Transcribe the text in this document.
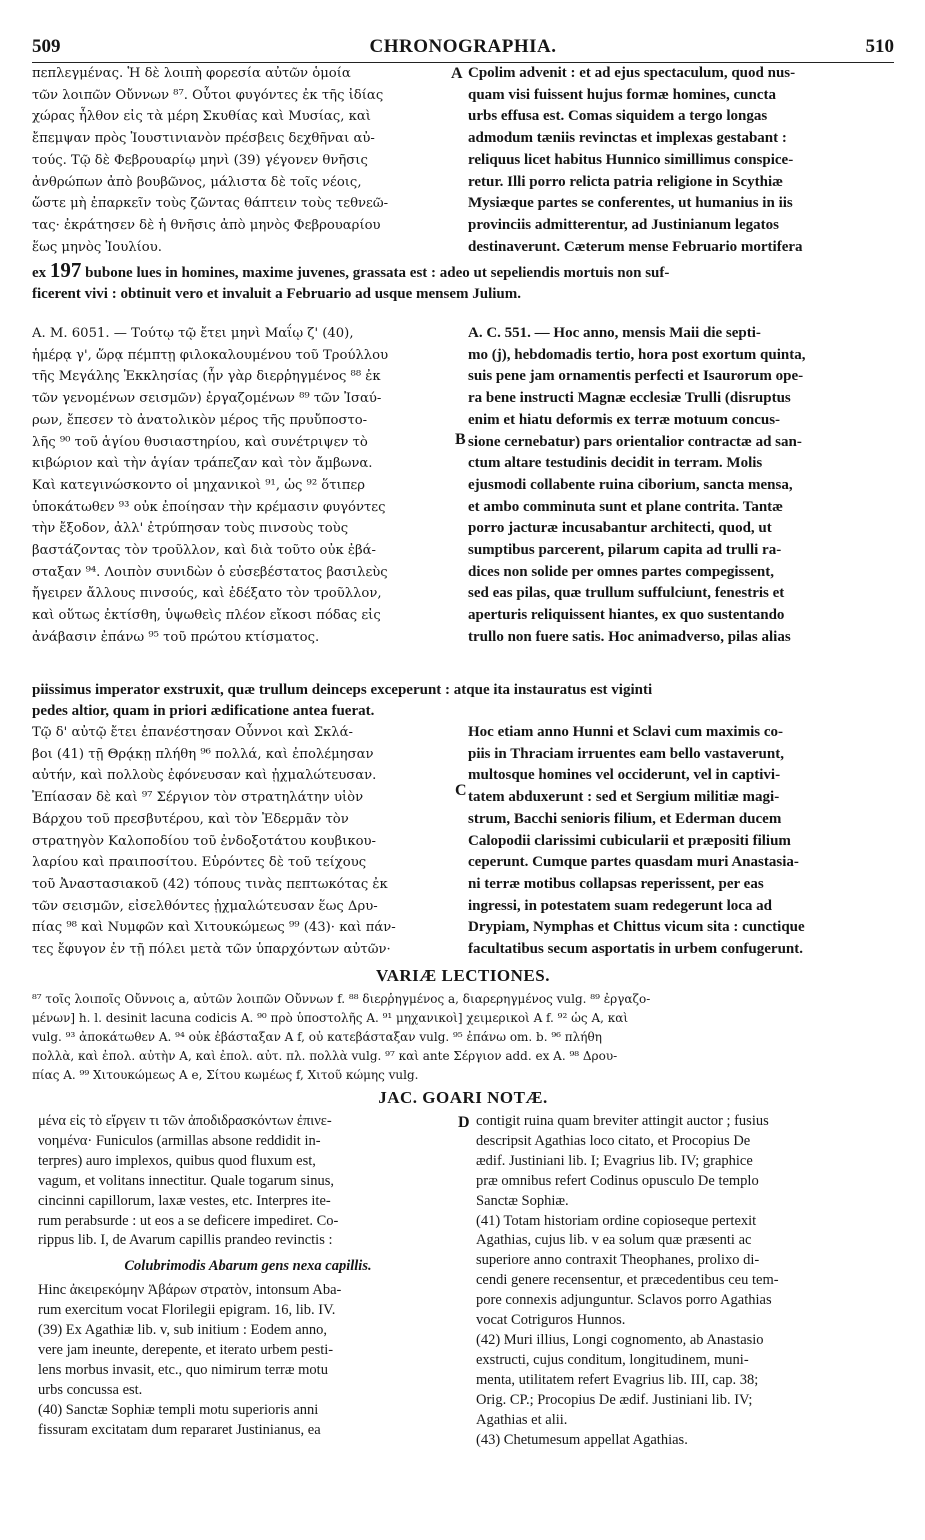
509	CHRONOGRAPHIA.	510
πεπλεγμένας. Ἡ δὲ λοιπὴ φορεσία αὐτῶν ὁμοία
τῶν λοιπῶν Οὔννων ⁸⁷. Οὗτοι φυγόντες ἐκ τῆς ἰδίας
χώρας ἦλθον εἰς τὰ μέρη Σκυθίας καὶ Μυσίας, καὶ
ἔπεμψαν πρὸς Ἰουστινιανὸν πρέσβεις δεχθῆναι αὐ-
τούς. Τῷ δὲ Φεβρουαρίῳ μηνὶ (39) γέγονεν θνῆσις
ἀνθρώπων ἀπὸ βουβῶνος, μάλιστα δὲ τοῖς νέοις,
ὥστε μὴ ἐπαρκεῖν τοὺς ζῶντας θάπτειν τοὺς τεθνεῶ-
τας· ἐκράτησεν δὲ ἡ θνῆσις ἀπὸ μηνὸς Φεβρουαρίου
ἕως μηνὸς Ἰουλίου.
A Cpolim advenit : et ad ejus spectaculum, quod nus-
quam visi fuissent hujus formæ homines, cuncta
urbs effusa est. Comas siquidem a tergo longas
admodum tæniis revinctas et implexas gestabant :
reliquus licet habitus Hunnico simillimus conspice-
retur. Illi porro relicta patria religione in Scythiæ
Mysiæque partes se conferentes, ut humanius in iis
provinciis admitterentur, ad Justinianum legatos
destinaverunt. Cæterum mense Februario mortifera
ex 197 bubone lues in homines, maxime juvenes, grassata est : adeo ut sepeliendis mortuis non suf-
ficerent vivi : obtinuit vero et invaluit a Februario ad usque mensem Julium.
A. M. 6051. — Τούτῳ τῷ ἔτει μηνὶ Μαΐῳ ζ' (40),
ἡμέρᾳ γ', ὥρᾳ πέμπτῃ φιλοκαλουμένου τοῦ Τρούλλου
τῆς Μεγάλης Ἐκκλησίας (ἦν γὰρ διερῥηγμένος ⁸⁸ ἐκ
τῶν γενομένων σεισμῶν) ἐργαζομένων ⁸⁹ τῶν Ἰσαύ-
ρων, ἔπεσεν τὸ ἀνατολικὸν μέρος τῆς πρυὔποστο-
λῆς ⁹⁰ τοῦ ἁγίου θυσιαστηρίου, καὶ συνέτριψεν τὸ
κιβώριον καὶ τὴν ἁγίαν τράπεζαν καὶ τὸν ἄμβωνα.
Καὶ κατεγινώσκοντο οἱ μηχανικοὶ ⁹¹, ὡς ⁹² ὅτιπερ
ὑποκάτωθεν ⁹³ οὐκ ἐποίησαν τὴν κρέμασιν φυγόντες
τὴν ἔξοδον, ἀλλ' ἐτρύπησαν τοὺς πινσοὺς τοὺς
βαστάζοντας τὸν τροῦλλον, καὶ διὰ τοῦτο οὐκ ἐβά-
σταξαν ⁹⁴. Λοιπὸν συνιδὼν ὁ εὐσεβέστατος βασιλεὺς
ἤγειρεν ἄλλους πινσούς, καὶ ἐδέξατο τὸν τροῦλλον,
καὶ οὕτως ἐκτίσθη, ὑψωθεὶς πλέον εἴκοσι πόδας εἰς
ἀνάβασιν ἐπάνω ⁹⁵ τοῦ πρώτου κτίσματος.
B
A. C. 551. — Hoc anno, mensis Maii die septi-
mo (j), hebdomadis tertio, hora post exortum quinta,
suis pene jam ornamentis perfecti et Isaurorum ope-
ra bene instructi Magnæ ecclesiæ Trulli (disruptus
enim et hiatu deformis ex terræ motuum concus-
sione cernebatur) pars orientalior contractæ ad san-
ctum altare testudinis decidit in terram. Molis
ejusmodi collabente ruina ciborium, sancta mensa,
et ambo comminuta sunt et plane contrita. Tantæ
porro jacturæ incusabantur architecti, quod, ut
sumptibus parcerent, pilarum capita ad trulli ra-
dices non solide per omnes partes compegissent,
sed eas pilas, quæ trullum suffulciunt, fenestris et
aperturis reliquissent hiantes, ex quo sustentando
trullo non fuere satis. Hoc animadverso, pilas alias
piissimus imperator exstruxit, quæ trullum deinceps exceperunt : atque ita instauratus est viginti
pedes altior, quam in priori ædificatione antea fuerat.
Τῷ δ' αὐτῷ ἔτει ἐπανέστησαν Οὖννοι καὶ Σκλά-
βοι (41) τῇ Θρᾴκῃ πλήθη ⁹⁶ πολλά, καὶ ἐπολέμησαν
αὐτήν, καὶ πολλοὺς ἐφόνευσαν καὶ ᾐχμαλώτευσαν.
Ἐπίασαν δὲ καὶ ⁹⁷ Σέργιον τὸν στρατηλάτην υἱὸν
Βάρχου τοῦ πρεσβυτέρου, καὶ τὸν Ἐδερμᾶν τὸν
στρατηγὸν Καλοποδίου τοῦ ἐνδοξοτάτου κουβικου-
λαρίου καὶ πραιποσίτου. Εὑρόντες δὲ τοῦ τείχους
τοῦ Ἀναστασιακοῦ (42) τόπους τινὰς πεπτωκότας ἐκ
τῶν σεισμῶν, εἰσελθόντες ᾐχμαλώτευσαν ἕως Δρυ-
πίας ⁹⁸ καὶ Νυμφῶν καὶ Χιτουκώμεως ⁹⁹ (43)· καὶ πάν-
τες ἔφυγον ἐν τῇ πόλει μετὰ τῶν ὑπαρχόντων αὐτῶν·
C
Hoc etiam anno Hunni et Sclavi cum maximis co-
piis in Thraciam irruentes eam bello vastaverunt,
multosque homines vel occiderunt, vel in captivi-
tatem abduxerunt : sed et Sergium militiæ magi-
strum, Bacchi senioris filium, et Ederman ducem
Calopodii clarissimi cubicularii et præpositi filium
ceperunt. Cumque partes quasdam muri Anastasia-
ni terræ motibus collapsas reperissent, per eas
ingressi, in potestatem suam redegerunt loca ad
Drypiam, Nymphas et Chittus vicum sita : cunctique
facultatibus secum asportatis in urbem confugerunt.
VARIÆ LECTIONES.
⁸⁷ τοῖς λοιποῖς Οὔννοις a, αὐτῶν λοιπῶν Οὔννων f. ⁸⁸ διερῥηγμένος a, διαρερηγμένος vulg. ⁸⁹ ἐργαζο-
μένων] h. l. desinit lacuna codicis A. ⁹⁰ πρὸ ὑποστολῆς A. ⁹¹ μηχανικοὶ] χειμερικοὶ A f. ⁹² ὡς A, καὶ
vulg. ⁹³ ἀποκάτωθεν A. ⁹⁴ οὐκ ἐβάσταξαν A f, οὐ κατεβάσταξαν vulg. ⁹⁵ ἐπάνω om. b. ⁹⁶ πλήθη
πολλὰ, καὶ ἐπολ. αὐτὴν A, καὶ ἐπολ. αὐτ. πλ. πολλὰ vulg. ⁹⁷ καὶ ante Σέργιον add. ex A. ⁹⁸ Δρου-
πίας A. ⁹⁹ Χιτουκώμεως A e, Σίτου κωμέως f, Χιτοῦ κώμης vulg.
JAC. GOARI NOTÆ.
μένα εἰς τὸ εἴργειν τι τῶν ἀποδιδρασκόντων ἐπινε-
νοημένα· Funiculos (armillas absone reddidit in-
terpres) auro implexos, quibus quod fluxum est,
vagum, et volitans innectitur. Quale togarum sinus,
cincinni capillorum, laxæ vestes, etc. Interpres ite-
rum perabsurde : ut eos a se deficere impediret. Co-
rippus lib. I, de Avarum capillis prandeo revinctis :
Colubrimodis Abarum gens nexa capillis.
Hinc ἀκειρεκόμην Ἀβάρων στρατὸν, intonsum Aba-
rum exercitum vocat Florilegii epigram. 16, lib. IV.
(39) Ex Agathiæ lib. v, sub initium : Eodem anno,
vere jam ineunte, derepente, et iterato urbem pesti-
lens morbus invasit, etc., quo nimirum terræ motu
urbs concussa est.
(40) Sanctæ Sophiæ templi motu superioris anni
fissuram excitatam dum repararet Justinianus, ea
D contigit ruina quam breviter attingit auctor ; fusius
descripsit Agathias loco citato, et Procopius De
ædif. Justiniani lib. I; Evagrius lib. IV; graphice
præ omnibus refert Codinus opusculo De templo
Sanctæ Sophiæ.
(41) Totam historiam ordine copioseque pertexit
Agathias, cujus lib. v ea solum quæ præsenti ac
superiore anno contraxit Theophanes, prolixo di-
cendi genere recensentur, et præcedentibus ceu tem-
pore connexis adjunguntur. Sclavos porro Agathias
vocat Cotriguros Hunnos.
(42) Muri illius, Longi cognomento, ab Anastasio
exstructi, cujus conditum, longitudinem, muni-
menta, utilitatem refert Evagrius lib. III, cap. 38;
Orig. CP.; Procopius De ædif. Justiniani lib. IV;
Agathias et alii.
(43) Chetumesum appellat Agathias.
